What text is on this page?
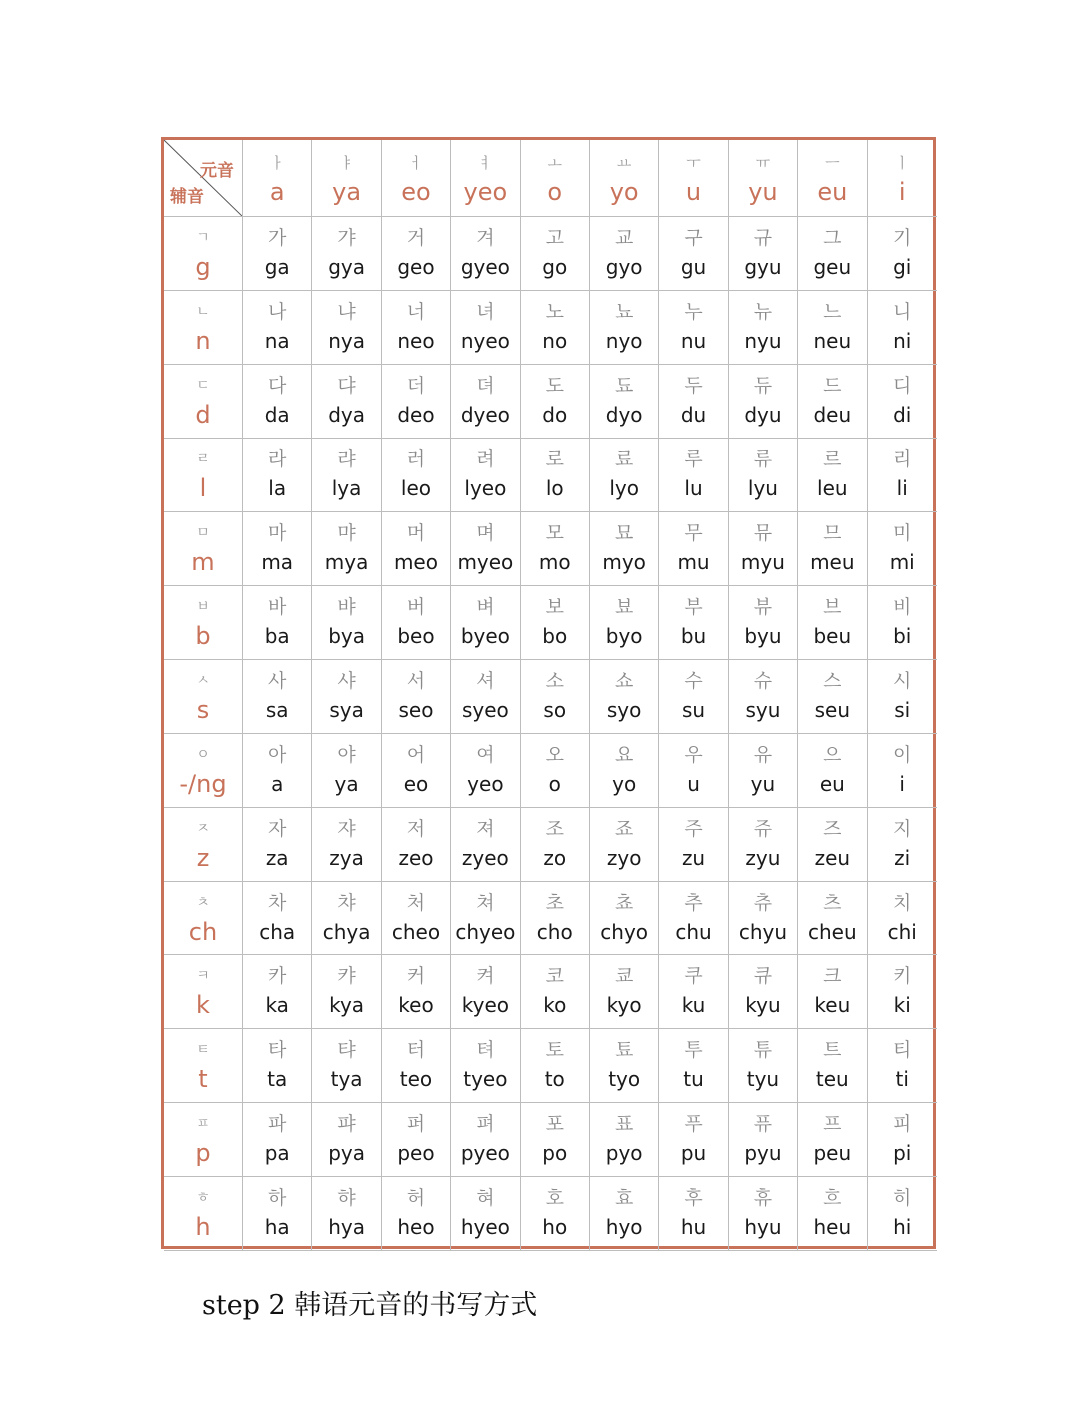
元音
辅音
ㅏ
a
ㅑ
ya
ㅓ
eo
ㅕ
yeo
ㅗ
o
ㅛ
yo
ㅜ
u
ㅠ
yu
ㅡ
eu
ㅣ
i
ㄱ
g
가
ga
갸
gya
거
geo
겨
gyeo
고
go
교
gyo
구
gu
규
gyu
그
geu
기
gi
ㄴ
n
나
na
냐
nya
너
neo
녀
nyeo
노
no
뇨
nyo
누
nu
뉴
nyu
느
neu
니
ni
ㄷ
d
다
da
댜
dya
더
deo
뎌
dyeo
도
do
됴
dyo
두
du
듀
dyu
드
deu
디
di
ㄹ
l
라
la
랴
lya
러
leo
려
lyeo
로
lo
료
lyo
루
lu
류
lyu
르
leu
리
li
ㅁ
m
마
ma
먀
mya
머
meo
며
myeo
모
mo
묘
myo
무
mu
뮤
myu
므
meu
미
mi
ㅂ
b
바
ba
뱌
bya
버
beo
벼
byeo
보
bo
뵤
byo
부
bu
뷰
byu
브
beu
비
bi
ㅅ
s
사
sa
샤
sya
서
seo
셔
syeo
소
so
쇼
syo
수
su
슈
syu
스
seu
시
si
ㅇ
-/ng
아
a
야
ya
어
eo
여
yeo
오
o
요
yo
우
u
유
yu
으
eu
이
i
ㅈ
z
자
za
쟈
zya
저
zeo
져
zyeo
조
zo
죠
zyo
주
zu
쥬
zyu
즈
zeu
지
zi
ㅊ
ch
차
cha
챠
chya
처
cheo
쳐
chyeo
초
cho
쵸
chyo
추
chu
츄
chyu
츠
cheu
치
chi
ㅋ
k
카
ka
캬
kya
커
keo
켜
kyeo
코
ko
쿄
kyo
쿠
ku
큐
kyu
크
keu
키
ki
ㅌ
t
타
ta
탸
tya
터
teo
텨
tyeo
토
to
툐
tyo
투
tu
튜
tyu
트
teu
티
ti
ㅍ
p
파
pa
퍄
pya
퍼
peo
펴
pyeo
포
po
표
pyo
푸
pu
퓨
pyu
프
peu
피
pi
ㅎ
h
하
ha
햐
hya
허
heo
혀
hyeo
호
ho
효
hyo
후
hu
휴
hyu
흐
heu
히
hi

step 2 韩语元音的书写方式
